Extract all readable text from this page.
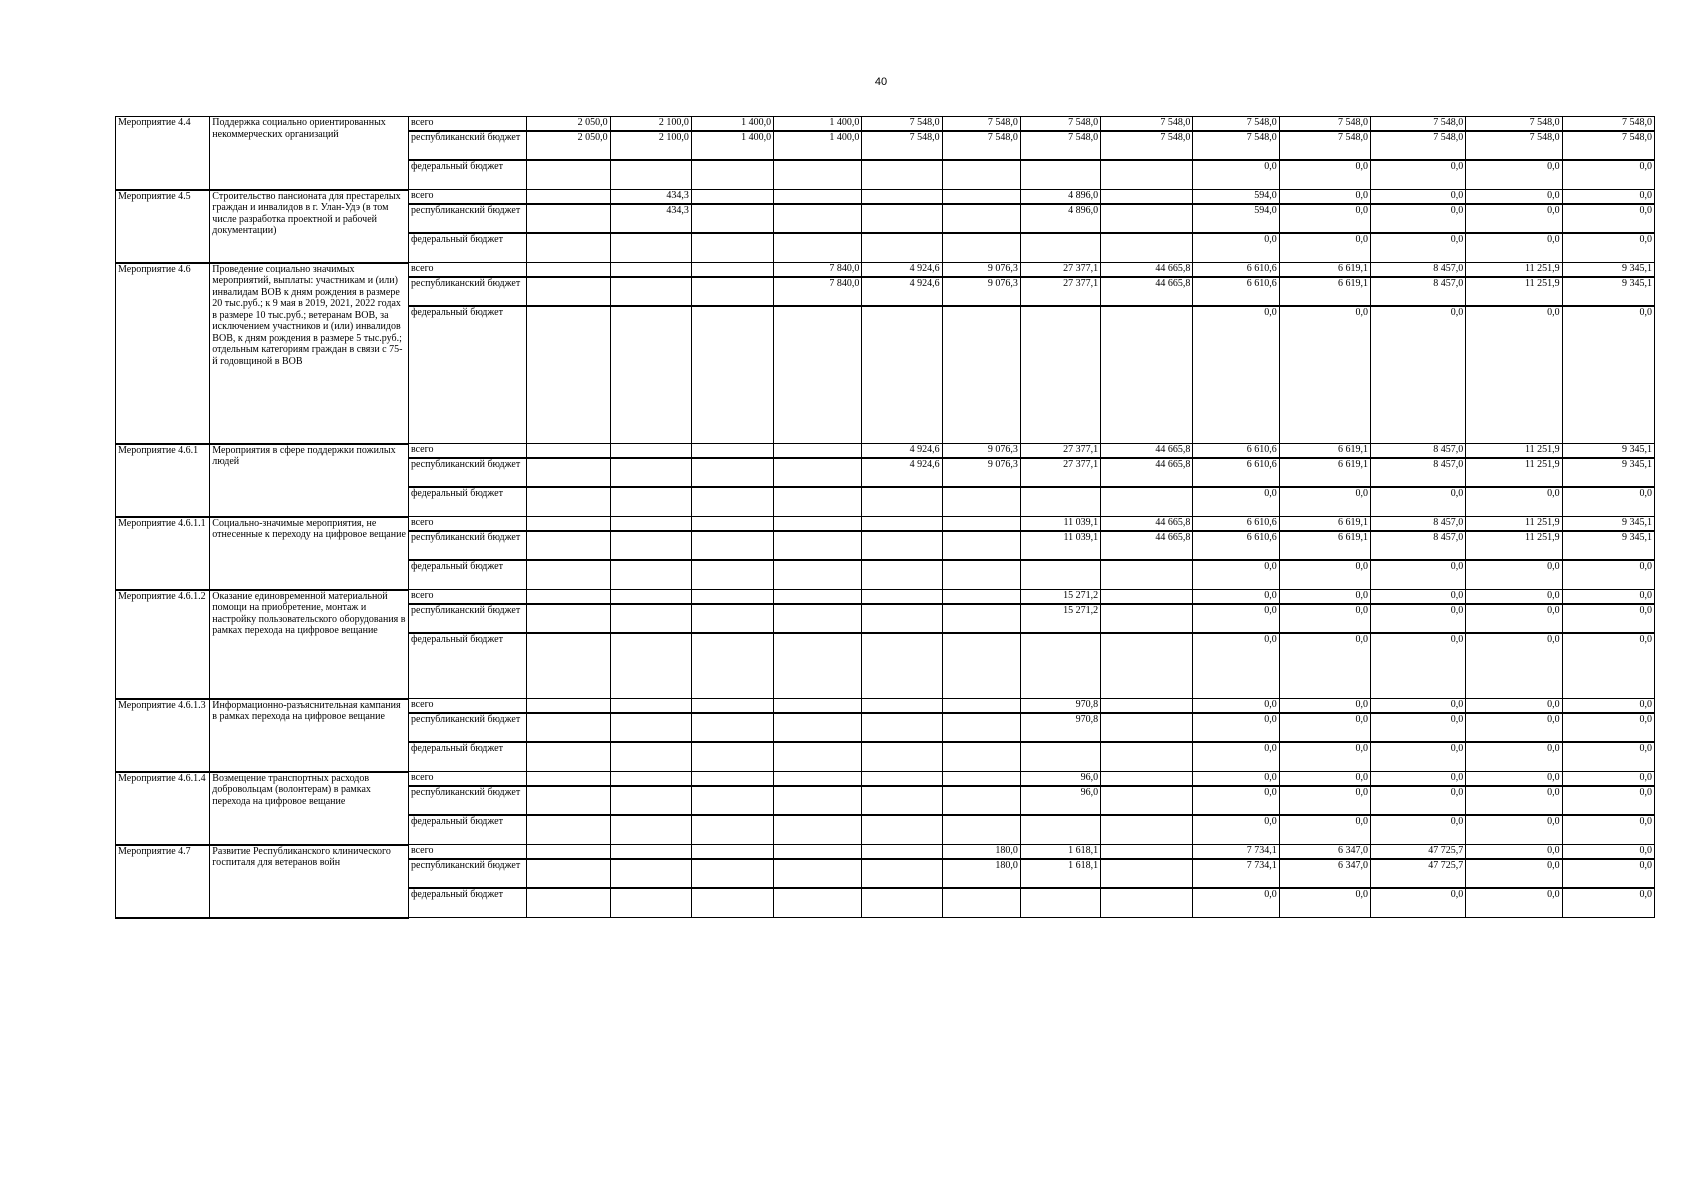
40
Мероприятие 4.4	Поддержка социально ориентированных некоммерческих организаций	всего	2 050,0	2 100,0	1 400,0	1 400,0	7 548,0	7 548,0	7 548,0	7 548,0	7 548,0	7 548,0	7 548,0	7 548,0	7 548,0
		республиканский бюджет	2 050,0	2 100,0	1 400,0	1 400,0	7 548,0	7 548,0	7 548,0	7 548,0	7 548,0	7 548,0	7 548,0	7 548,0	7 548,0
		федеральный бюджет									0,0	0,0	0,0	0,0	0,0
Мероприятие 4.5	Строительство пансионата для престарелых граждан и инвалидов в г. Улан-Удэ (в том числе разработка проектной и рабочей документации)	всего		434,3					4 896,0		594,0	0,0	0,0	0,0	0,0
		республиканский бюджет		434,3					4 896,0		594,0	0,0	0,0	0,0	0,0
		федеральный бюджет									0,0	0,0	0,0	0,0	0,0
Мероприятие 4.6	Проведение социально значимых мероприятий, выплаты: участникам и (или) инвалидам ВОВ к дням рождения в размере 20 тыс.руб.; к 9 мая в 2019, 2021, 2022 годах в размере 10 тыс.руб.; ветеранам ВОВ, за исключением участников и (или) инвалидов ВОВ, к дням рождения в размере 5 тыс.руб.; отдельным категориям граждан в связи с 75-й годовщиной в ВОВ	всего				7 840,0	4 924,6	9 076,3	27 377,1	44 665,8	6 610,6	6 619,1	8 457,0	11 251,9	9 345,1
		республиканский бюджет				7 840,0	4 924,6	9 076,3	27 377,1	44 665,8	6 610,6	6 619,1	8 457,0	11 251,9	9 345,1
		федеральный бюджет									0,0	0,0	0,0	0,0	0,0
Мероприятие 4.6.1	Мероприятия в сфере поддержки пожилых людей	всего					4 924,6	9 076,3	27 377,1	44 665,8	6 610,6	6 619,1	8 457,0	11 251,9	9 345,1
		республиканский бюджет					4 924,6	9 076,3	27 377,1	44 665,8	6 610,6	6 619,1	8 457,0	11 251,9	9 345,1
		федеральный бюджет									0,0	0,0	0,0	0,0	0,0
Мероприятие 4.6.1.1	Социально-значимые мероприятия, не отнесенные к переходу на цифровое вещание	всего							11 039,1	44 665,8	6 610,6	6 619,1	8 457,0	11 251,9	9 345,1
		республиканский бюджет							11 039,1	44 665,8	6 610,6	6 619,1	8 457,0	11 251,9	9 345,1
		федеральный бюджет									0,0	0,0	0,0	0,0	0,0
Мероприятие 4.6.1.2	Оказание единовременной материальной помощи на приобретение, монтаж и настройку пользовательского оборудования в рамках перехода на цифровое вещание	всего							15 271,2		0,0	0,0	0,0	0,0	0,0
		республиканский бюджет							15 271,2		0,0	0,0	0,0	0,0	0,0
		федеральный бюджет									0,0	0,0	0,0	0,0	0,0
Мероприятие 4.6.1.3	Информационно-разъяснительная кампания в рамках перехода на цифровое вещание	всего							970,8		0,0	0,0	0,0	0,0	0,0
		республиканский бюджет							970,8		0,0	0,0	0,0	0,0	0,0
		федеральный бюджет									0,0	0,0	0,0	0,0	0,0
Мероприятие 4.6.1.4	Возмещение транспортных расходов добровольцам (волонтерам) в рамках перехода на цифровое вещание	всего							96,0		0,0	0,0	0,0	0,0	0,0
		республиканский бюджет							96,0		0,0	0,0	0,0	0,0	0,0
		федеральный бюджет									0,0	0,0	0,0	0,0	0,0
Мероприятие 4.7	Развитие Республиканского клинического госпиталя для ветеранов войн	всего						180,0	1 618,1		7 734,1	6 347,0	47 725,7	0,0	0,0
		республиканский бюджет						180,0	1 618,1		7 734,1	6 347,0	47 725,7	0,0	0,0
		федеральный бюджет									0,0	0,0	0,0	0,0	0,0
